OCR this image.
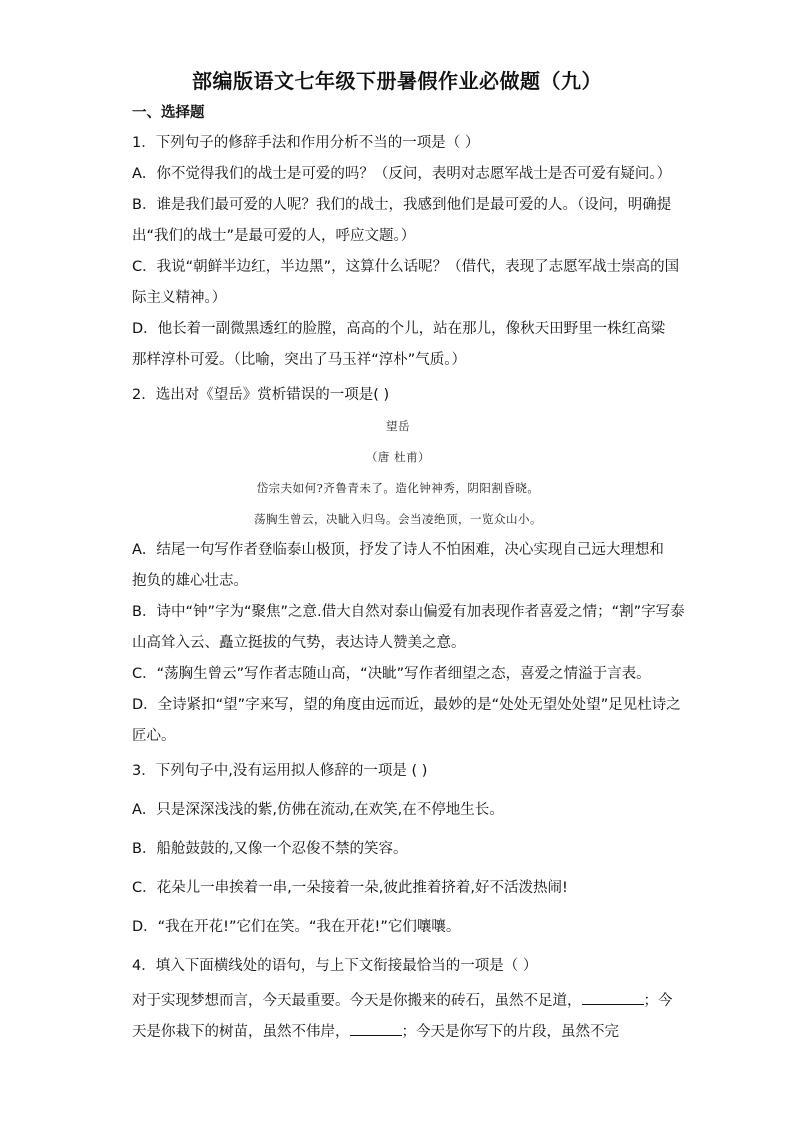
部编版语文七年级下册暑假作业必做题（九）
一、选择题
1．下列句子的修辞手法和作用分析不当的一项是（ ）
A．你不觉得我们的战士是可爱的吗？（反问，表明对志愿军战士是否可爱有疑问。）
B．谁是我们最可爱的人呢？我们的战士，我感到他们是最可爱的人。（设问，明确提
出“我们的战士”是最可爱的人，呼应文题。）
C．我说“朝鲜半边红，半边黑”，这算什么话呢？（借代，表现了志愿军战士崇高的国
际主义精神。）
D．他长着一副微黑透红的脸膛，高高的个儿，站在那儿，像秋天田野里一株红高粱
那样淳朴可爱。（比喻，突出了马玉祥“淳朴”气质。）
2．选出对《望岳》赏析错误的一项是( )
望岳
（唐 杜甫）
岱宗夫如何?齐鲁青未了。造化钟神秀，阴阳割昏晓。
荡胸生曾云，决眦入归鸟。会当凌绝顶，一览众山小。
A．结尾一句写作者登临泰山极顶，抒发了诗人不怕困难，决心实现自己远大理想和
抱负的雄心壮志。
B．诗中“钟”字为“聚焦”之意.借大自然对泰山偏爱有加表现作者喜爱之情；“割”字写泰
山高耸入云、矗立挺拔的气势，表达诗人赞美之意。
C．“荡胸生曾云”写作者志随山高，“决眦”写作者细望之态，喜爱之情溢于言表。
D．全诗紧扣“望”字来写，望的角度由远而近，最妙的是“处处无望处处望”足见杜诗之
匠心。
3．下列句子中,没有运用拟人修辞的一项是 ( )
A．只是深深浅浅的紫,仿佛在流动,在欢笑,在不停地生长。
B．船舱鼓鼓的,又像一个忍俊不禁的笑容。
C．花朵儿一串挨着一串,一朵接着一朵,彼此推着挤着,好不活泼热闹!
D．“我在开花!”它们在笑。“我在开花!”它们嚷嚷。
4．填入下面横线处的语句，与上下文衔接最恰当的一项是（ ）
对于实现梦想而言，今天最重要。今天是你搬来的砖石，虽然不足道，	；今
天是你栽下的树苗，虽然不伟岸，	；今天是你写下的片段，虽然不完
